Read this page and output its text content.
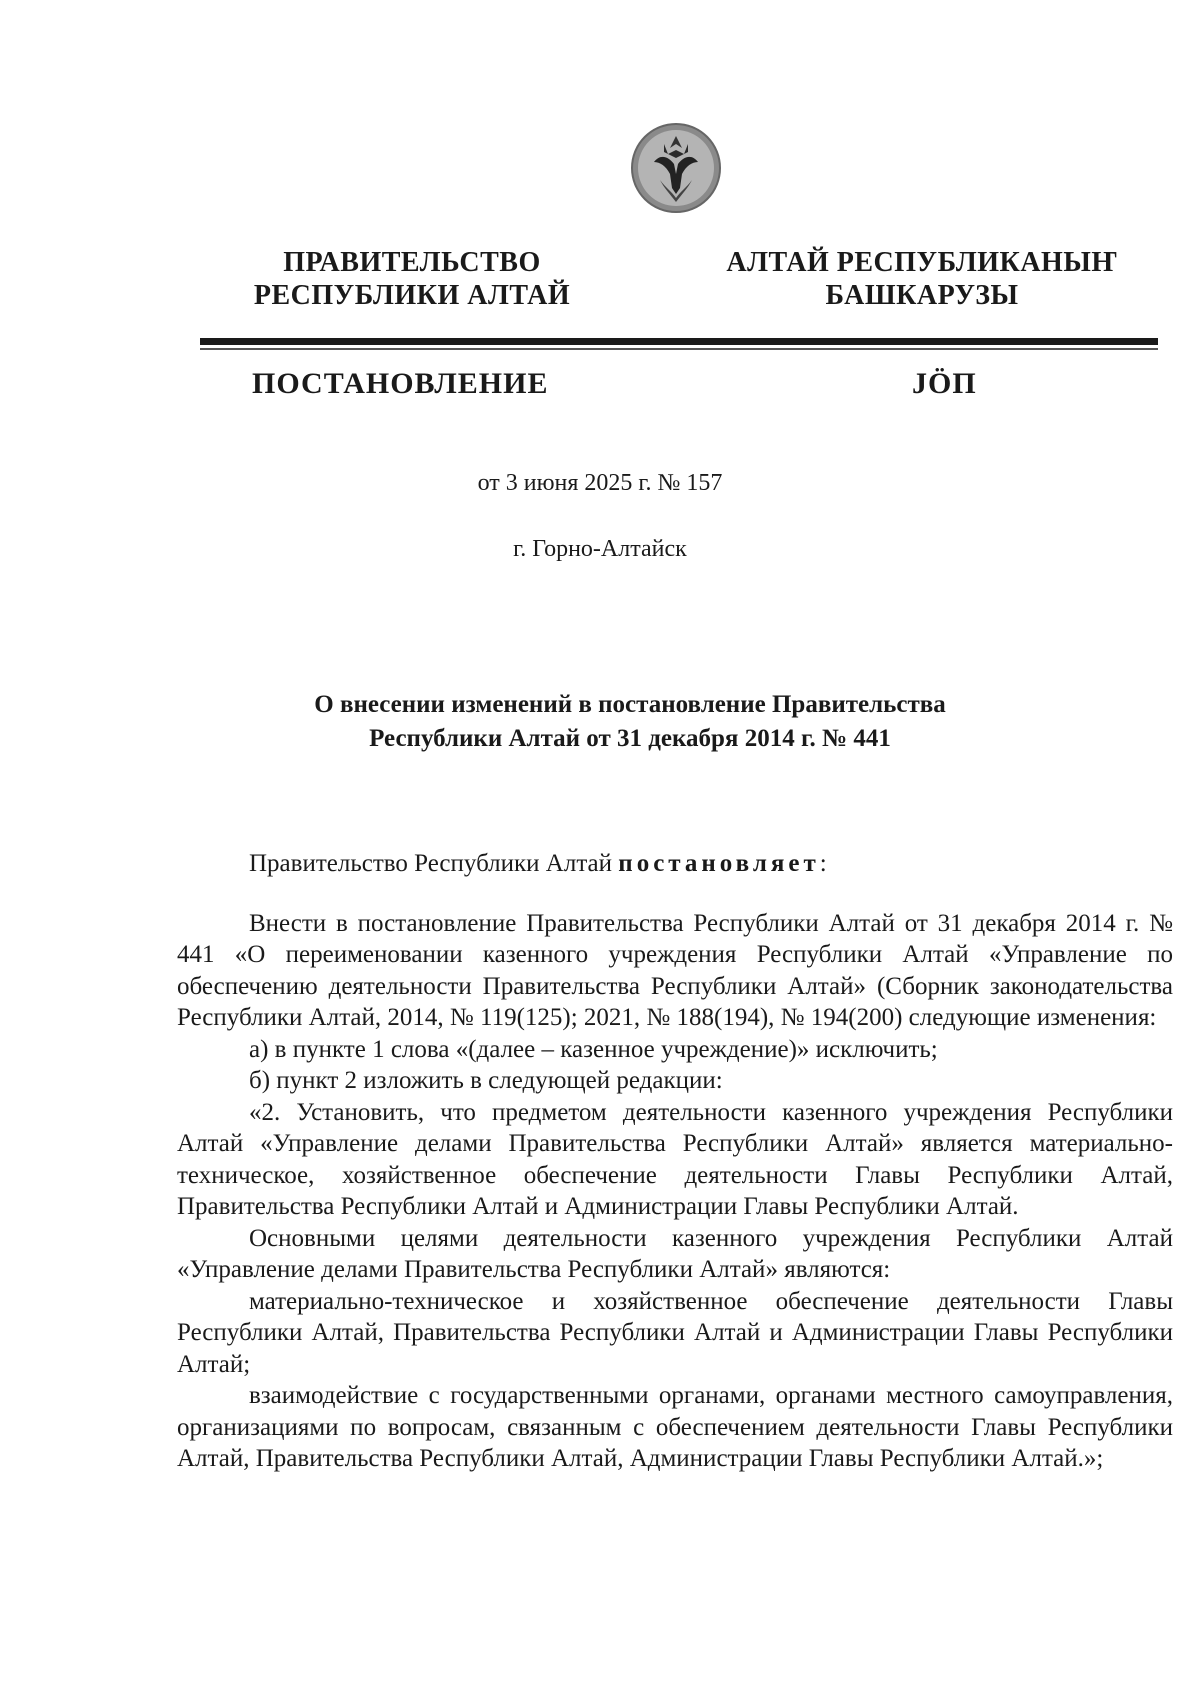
ПРАВИТЕЛЬСТВО
РЕСПУБЛИКИ АЛТАЙ
АЛТАЙ РЕСПУБЛИКАНЫҤ
БАШКАРУЗЫ
ПОСТАНОВЛЕНИЕ	JӦП
от 3 июня 2025 г. № 157
г. Горно-Алтайск
О внесении изменений в постановление Правительства
Республики Алтай от 31 декабря 2014 г. № 441

Правительство Республики Алтай постановляет:

Внести в постановление Правительства Республики Алтай от 31 декабря 2014 г. № 441 «О переименовании казенного учреждения Республики Алтай «Управление по обеспечению деятельности Правительства Республики Алтай» (Сборник законодательства Республики Алтай, 2014, № 119(125); 2021, № 188(194), № 194(200) следующие изменения:

а) в пункте 1 слова «(далее – казенное учреждение)» исключить;

б) пункт 2 изложить в следующей редакции:

«2. Установить, что предметом деятельности казенного учреждения Республики Алтай «Управление делами Правительства Республики Алтай» является материально-техническое, хозяйственное обеспечение деятельности Главы Республики Алтай, Правительства Республики Алтай и Администрации Главы Республики Алтай.

Основными целями деятельности казенного учреждения Республики Алтай «Управление делами Правительства Республики Алтай» являются:

материально-техническое и хозяйственное обеспечение деятельности Главы Республики Алтай, Правительства Республики Алтай и Администрации Главы Республики Алтай;

взаимодействие с государственными органами, органами местного самоуправления, организациями по вопросам, связанным с обеспечением деятельности Главы Республики Алтай, Правительства Республики Алтай, Администрации Главы Республики Алтай.»;
